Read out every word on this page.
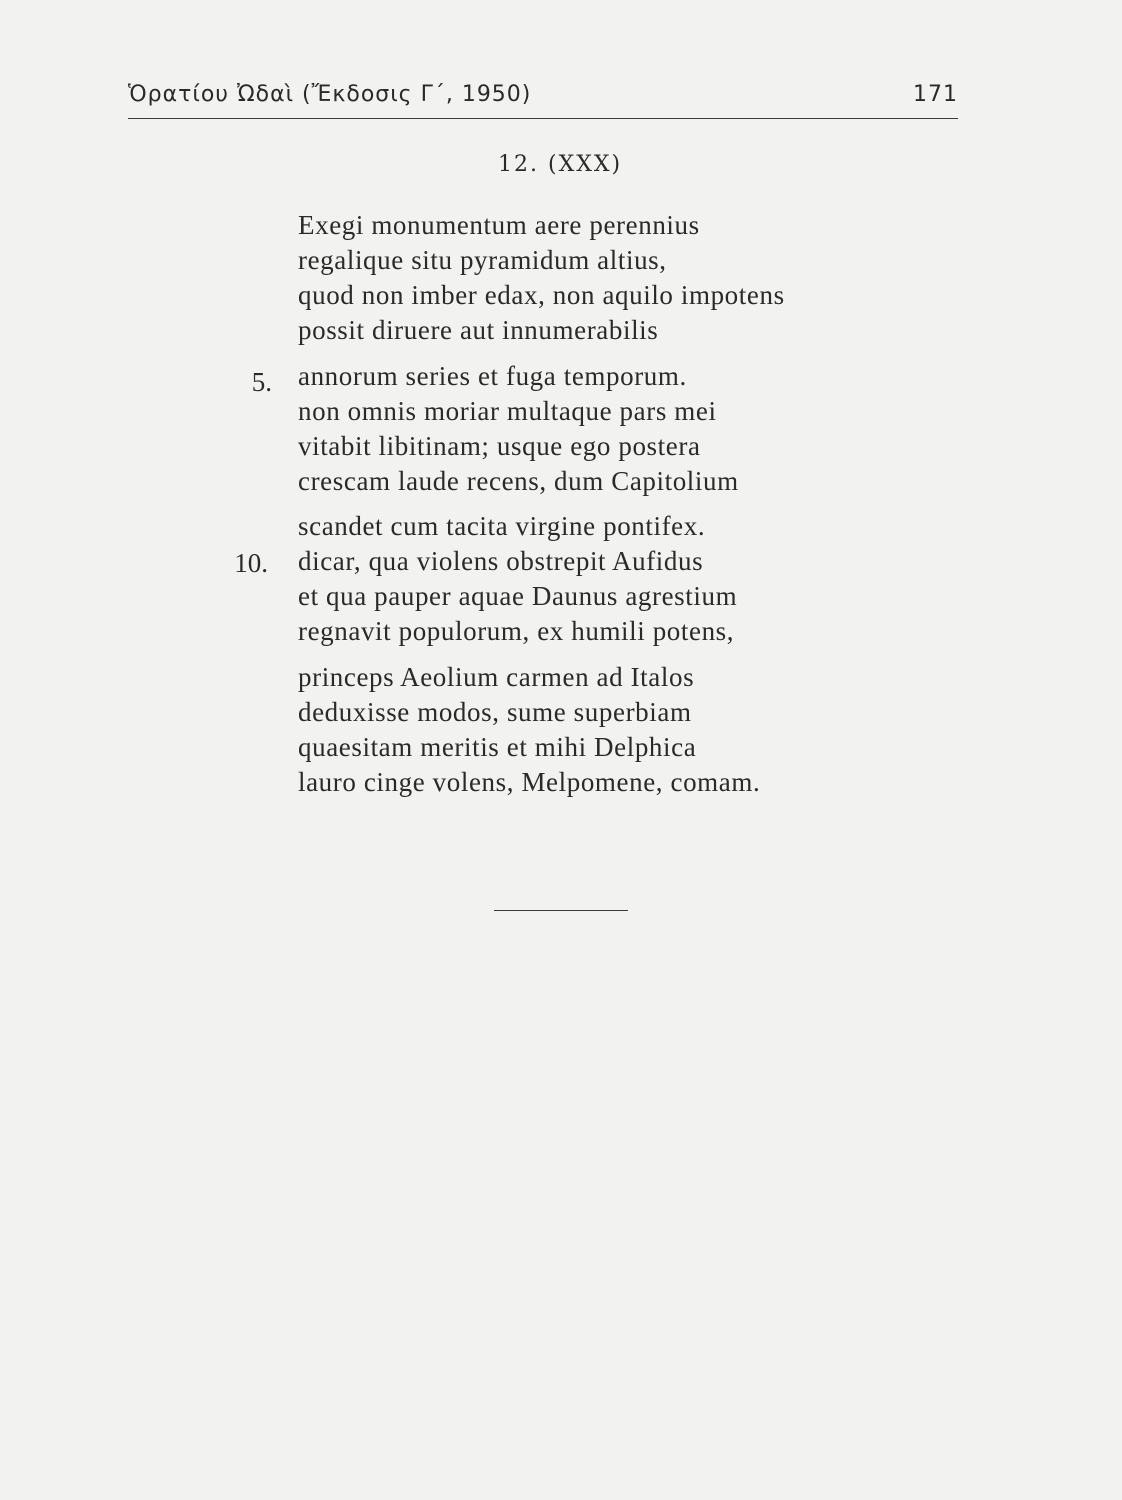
Ὁρατίου Ὠδαὶ (Ἔκδοσις Γ΄, 1950)	171
12. (XXX)
5.
10.
Exegi monumentum aere perennius
regalique situ pyramidum altius,
quod non imber edax, non aquilo impotens
possit diruere aut innumerabilis
annorum series et fuga temporum.
non omnis moriar multaque pars mei
vitabit libitinam; usque ego postera
crescam laude recens, dum Capitolium
scandet cum tacita virgine pontifex.
dicar, qua violens obstrepit Aufidus
et qua pauper aquae Daunus agrestium
regnavit populorum, ex humili potens,
princeps Aeolium carmen ad Italos
deduxisse modos, sume superbiam
quaesitam meritis et mihi Delphica
lauro cinge volens, Melpomene, comam.
